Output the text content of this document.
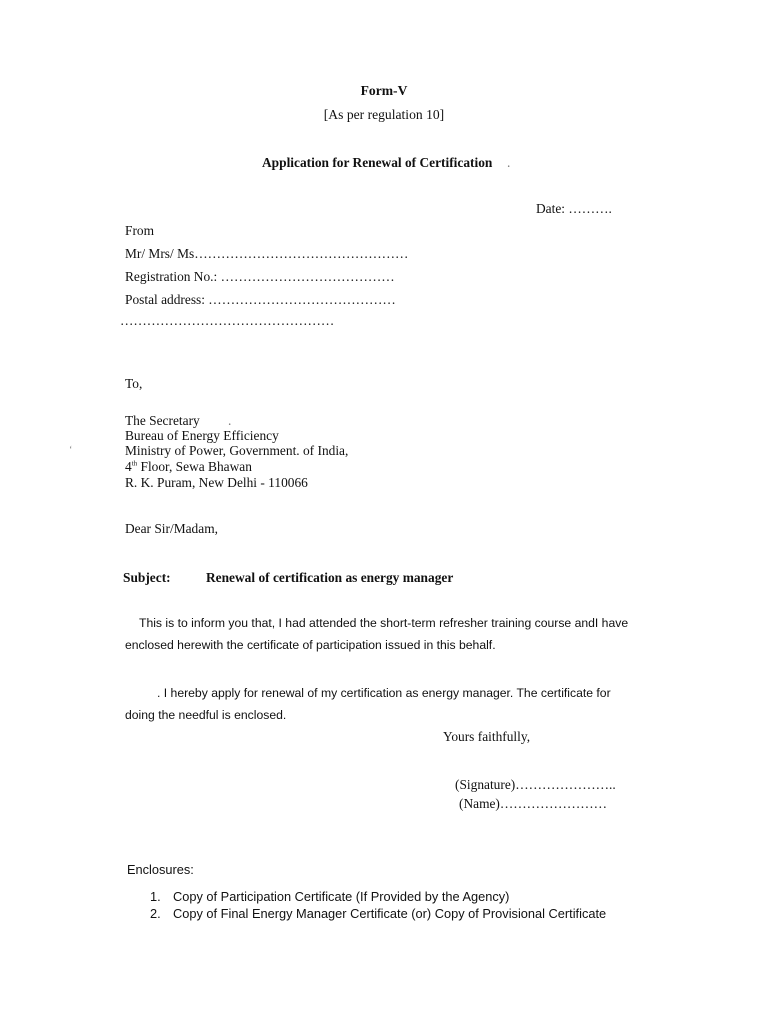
Form-V
[As per regulation 10]
Application for Renewal of Certification .
Date: ……….
From
Mr/ Mrs/ Ms…………………………………………
Registration No.: …………………………………
Postal address: ……………………………………
…………………………………………
To,
The Secretary .
Bureau of Energy Efficiency
Ministry of Power, Government. of India,
4th Floor, Sewa Bhawan
R. K. Puram, New Delhi - 110066
‘
Dear Sir/Madam,
Subject:	Renewal of certification as energy manager
This is to inform you that, I had attended the short-term refresher training course andI have enclosed herewith the certificate of participation issued in this behalf.
. I hereby apply for renewal of my certification as energy manager. The certificate for doing the needful is enclosed.
Yours faithfully,
(Signature)…………………..
(Name)……………………
Enclosures:
1. Copy of Participation Certificate (If Provided by the Agency)
2. Copy of Final Energy Manager Certificate (or) Copy of Provisional Certificate
